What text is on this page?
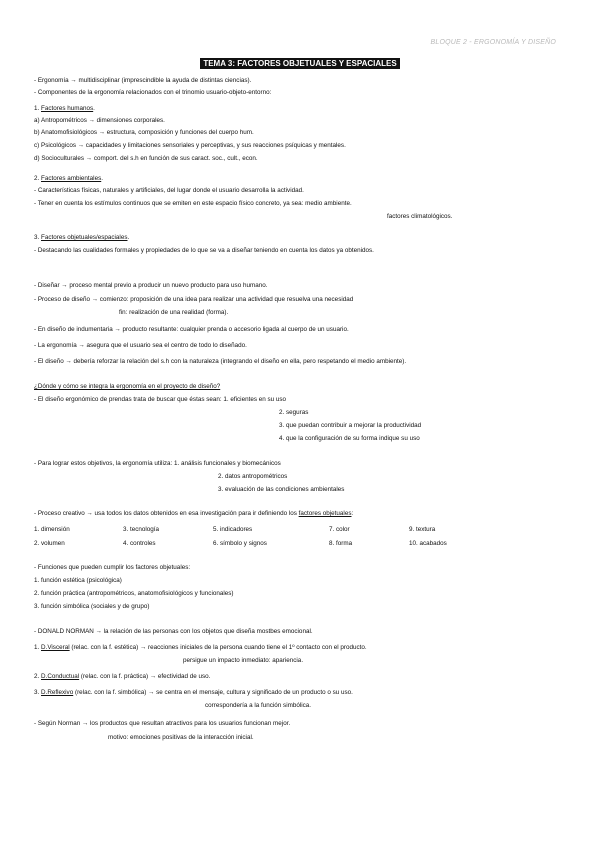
BLOQUE 2 - ERGONOMÍA Y DISEÑO
TEMA 3: FACTORES OBJETUALES Y ESPACIALES
- Ergonomía → multidisciplinar (imprescindible la ayuda de distintas ciencias).
- Componentes de la ergonomía relacionados con el trinomio usuario-objeto-entorno:
1. Factores humanos.
a) Antropométricos → dimensiones corporales.
b) Anatomofisiológicos → estructura, composición y funciones del cuerpo hum.
c) Psicológicos → capacidades y limitaciones sensoriales y perceptivas, y sus reacciones psíquicas y mentales.
d) Socioculturales → comport. del s.h en función de sus caract. soc., cult., econ.
2. Factores ambientales.
- Características físicas, naturales y artificiales, del lugar donde el usuario desarrolla la actividad.
- Tener en cuenta los estímulos continuos que se emiten en este espacio físico concreto, ya sea: medio ambiente.
factores climatológicos.
3. Factores objetuales/espaciales.
- Destacando las cualidades formales y propiedades de lo que se va a diseñar teniendo en cuenta los datos ya obtenidos.
- Diseñar → proceso mental previo a producir un nuevo producto para uso humano.
- Proceso de diseño → comienzo: proposición de una idea para realizar una actividad que resuelva una necesidad
fin: realización de una realidad (forma).
- En diseño de indumentaria → producto resultante: cualquier prenda o accesorio ligada al cuerpo de un usuario.
- La ergonomía → asegura que el usuario sea el centro de todo lo diseñado.
- El diseño → debería reforzar la relación del s.h con la naturaleza (integrando el diseño en ella, pero respetando el medio ambiente).
¿Dónde y cómo se integra la ergonomía en el proyecto de diseño?
- El diseño ergonómico de prendas trata de buscar que éstas sean: 1. eficientes en su uso
2. seguras
3. que puedan contribuir a mejorar la productividad
4. que la configuración de su forma indique su uso
- Para lograr estos objetivos, la ergonomía utiliza: 1. análisis funcionales y biomecánicos
2. datos antropométricos
3. evaluación de las condiciones ambientales
- Proceso creativo → usa todos los datos obtenidos en esa investigación para ir definiendo los factores objetuales:
1. dimensión	3. tecnología	5. indicadores	7. color	9. textura
2. volumen	4. controles	6. símbolo y signos	8. forma	10. acabados
- Funciones que pueden cumplir los factores objetuales:
1. función estética (psicológica)
2. función práctica (antropométricos, anatomofisiológicos y funcionales)
3. función simbólica (sociales y de grupo)
- DONALD NORMAN → la relación de las personas con los objetos que diseña mostbes emocional.
1. D.Visceral (relac. con la f. estética) → reacciones iniciales de la persona cuando tiene el 1º contacto con el producto.
persigue un impacto inmediato: apariencia.
2. D.Conductual (relac. con la f. práctica) → efectividad de uso.
3. D.Reflexivo (relac. con la f. simbólica) → se centra en el mensaje, cultura y significado de un producto o su uso.
correspondería a la función simbólica.
- Según Norman → los productos que resultan atractivos para los usuarios funcionan mejor.
motivo: emociones positivas de la interacción inicial.
